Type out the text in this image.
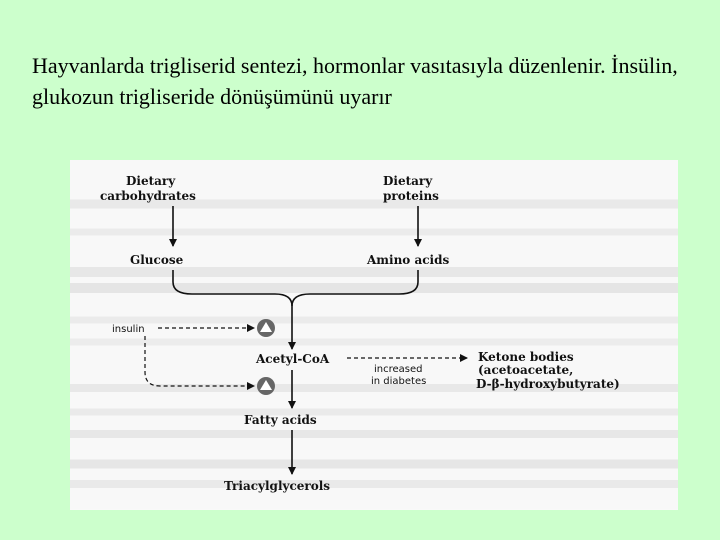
Hayvanlarda trigliserid sentezi, hormonlar vasıtasıyla düzenlenir. İnsülin, glukozun trigliseride dönüşümünü uyarır
Dietary carbohydrates
Dietary proteins
Glucose	Amino acids
insulin
Acetyl-CoA
increased in diabetes
Ketone bodies (acetoacetate, D-β-hydroxybutyrate)
Fatty acids
Triacylglycerols
